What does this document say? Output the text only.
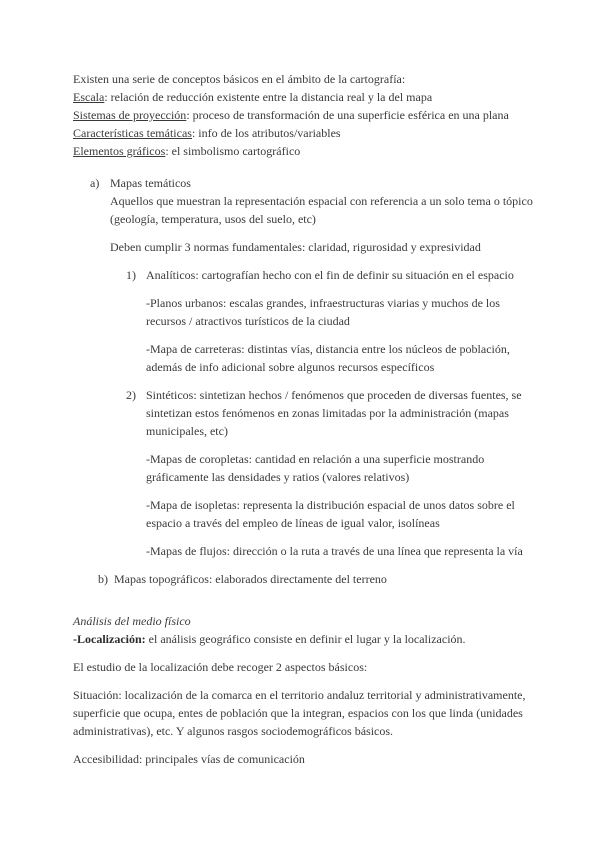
Existen una serie de conceptos básicos en el ámbito de la cartografía:

Escala: relación de reducción existente entre la distancia real y la del mapa

Sistemas de proyección: proceso de transformación de una superficie esférica en una plana

Características temáticas: info de los atributos/variables

Elementos gráficos: el simbolismo cartográfico

a) Mapas temáticos

Aquellos que muestran la representación espacial con referencia a un solo tema o tópico

(geología, temperatura, usos del suelo, etc)

Deben cumplir 3 normas fundamentales: claridad, rigurosidad y expresividad

1) Analíticos: cartografían hecho con el fin de definir su situación en el espacio

-Planos urbanos: escalas grandes, infraestructuras viarias y muchos de los

recursos / atractivos turísticos de la ciudad

-Mapa de carreteras: distintas vías, distancia entre los núcleos de población,

además de info adicional sobre algunos recursos específicos

2) Sintéticos: sintetizan hechos / fenómenos que proceden de diversas fuentes, se

sintetizan estos fenómenos en zonas limitadas por la administración (mapas

municipales, etc)

-Mapas de coropletas: cantidad en relación a una superficie mostrando

gráficamente las densidades y ratios (valores relativos)

-Mapa de isopletas: representa la distribución espacial de unos datos sobre el

espacio a través del empleo de líneas de igual valor, isolíneas

-Mapas de flujos: dirección o la ruta a través de una línea que representa la vía

b) Mapas topográficos: elaborados directamente del terreno

Análisis del medio físico

-Localización: el análisis geográfico consiste en definir el lugar y la localización.

El estudio de la localización debe recoger 2 aspectos básicos:

Situación: localización de la comarca en el territorio andaluz territorial y administrativamente,

superficie que ocupa, entes de población que la integran, espacios con los que linda (unidades

administrativas), etc. Y algunos rasgos sociodemográficos básicos.

Accesibilidad: principales vías de comunicación
